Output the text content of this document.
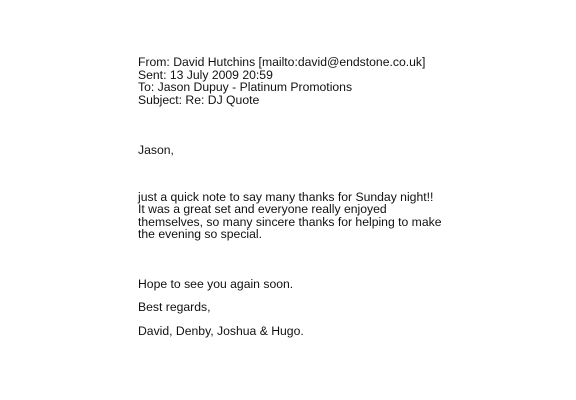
From: David Hutchins [mailto:david@endstone.co.uk]
Sent: 13 July 2009 20:59
To: Jason Dupuy - Platinum Promotions
Subject: Re: DJ Quote

Jason,

just a quick note to say many thanks for Sunday night!!
It was a great set and everyone really enjoyed
themselves, so many sincere thanks for helping to make
the evening so special.

Hope to see you again soon.

Best regards,

David, Denby, Joshua & Hugo.
